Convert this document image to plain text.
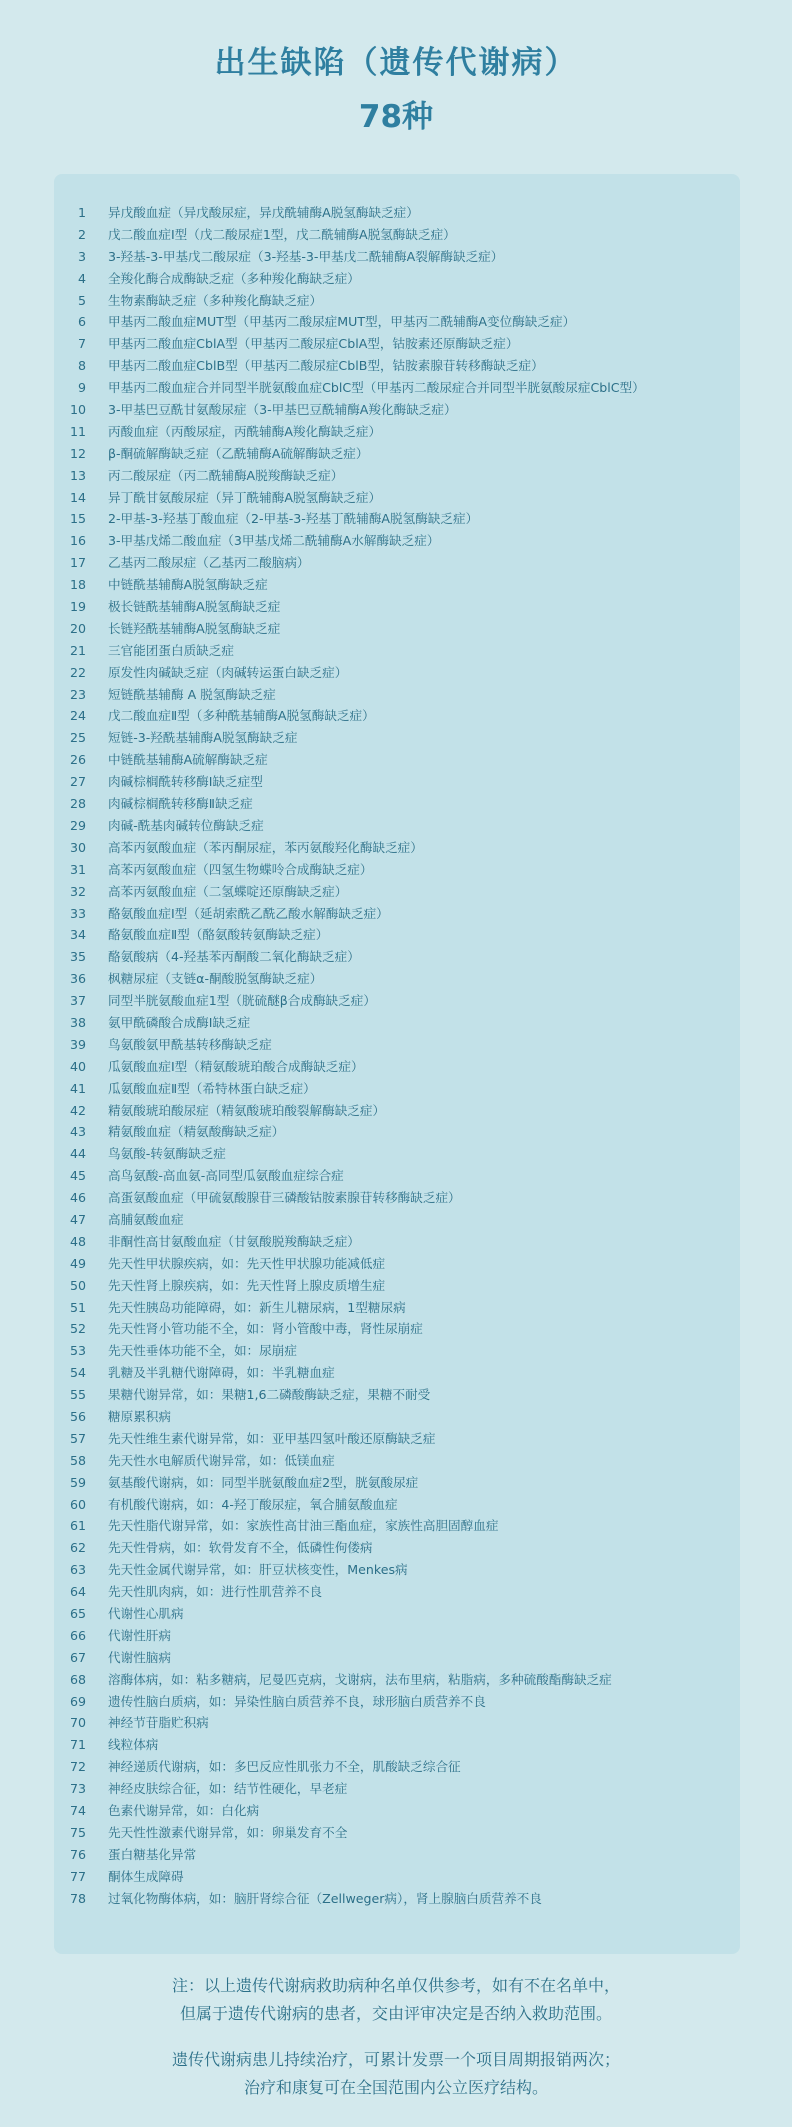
出生缺陷（遗传代谢病）
78种
1 异戊酸血症（异戊酸尿症，异戊酰辅酶A脱氢酶缺乏症）
2 戊二酸血症I型（戊二酸尿症1型，戊二酰辅酶A脱氢酶缺乏症）
3 3-羟基-3-甲基戊二酸尿症（3-羟基-3-甲基戊二酰辅酶A裂解酶缺乏症）
4 全羧化酶合成酶缺乏症（多种羧化酶缺乏症）
5 生物素酶缺乏症（多种羧化酶缺乏症）
6 甲基丙二酸血症MUT型（甲基丙二酸尿症MUT型，甲基丙二酰辅酶A变位酶缺乏症）
7 甲基丙二酸血症CblA型（甲基丙二酸尿症CblA型，钴胺素还原酶缺乏症）
8 甲基丙二酸血症CblB型（甲基丙二酸尿症CblB型，钴胺素腺苷转移酶缺乏症）
9 甲基丙二酸血症合并同型半胱氨酸血症CblC型（甲基丙二酸尿症合并同型半胱氨酸尿症CblC型）
10 3-甲基巴豆酰甘氨酸尿症（3-甲基巴豆酰辅酶A羧化酶缺乏症）
11 丙酸血症（丙酸尿症，丙酰辅酶A羧化酶缺乏症）
12 β-酮硫解酶缺乏症（乙酰辅酶A硫解酶缺乏症）
13 丙二酸尿症（丙二酰辅酶A脱羧酶缺乏症）
14 异丁酰甘氨酸尿症（异丁酰辅酶A脱氢酶缺乏症）
15 2-甲基-3-羟基丁酸血症（2-甲基-3-羟基丁酰辅酶A脱氢酶缺乏症）
16 3-甲基戊烯二酸血症（3甲基戊烯二酰辅酶A水解酶缺乏症）
17 乙基丙二酸尿症（乙基丙二酸脑病）
18 中链酰基辅酶A脱氢酶缺乏症
19 极长链酰基辅酶A脱氢酶缺乏症
20 长链羟酰基辅酶A脱氢酶缺乏症
21 三官能团蛋白质缺乏症
22 原发性肉碱缺乏症（肉碱转运蛋白缺乏症）
23 短链酰基辅酶 A 脱氢酶缺乏症
24 戊二酸血症Ⅱ型（多种酰基辅酶A脱氢酶缺乏症）
25 短链-3-羟酰基辅酶A脱氢酶缺乏症
26 中链酰基辅酶A硫解酶缺乏症
27 肉碱棕榈酰转移酶Ⅰ缺乏症型
28 肉碱棕榈酰转移酶Ⅱ缺乏症
29 肉碱-酰基肉碱转位酶缺乏症
30 高苯丙氨酸血症（苯丙酮尿症，苯丙氨酸羟化酶缺乏症）
31 高苯丙氨酸血症（四氢生物蝶呤合成酶缺乏症）
32 高苯丙氨酸血症（二氢蝶啶还原酶缺乏症）
33 酪氨酸血症Ⅰ型（延胡索酰乙酰乙酸水解酶缺乏症）
34 酪氨酸血症Ⅱ型（酪氨酸转氨酶缺乏症）
35 酪氨酸病（4-羟基苯丙酮酸二氧化酶缺乏症）
36 枫糖尿症（支链α-酮酸脱氢酶缺乏症）
37 同型半胱氨酸血症1型（胱硫醚β合成酶缺乏症）
38 氨甲酰磷酸合成酶Ⅰ缺乏症
39 鸟氨酸氨甲酰基转移酶缺乏症
40 瓜氨酸血症Ⅰ型（精氨酸琥珀酸合成酶缺乏症）
41 瓜氨酸血症Ⅱ型（希特林蛋白缺乏症）
42 精氨酸琥珀酸尿症（精氨酸琥珀酸裂解酶缺乏症）
43 精氨酸血症（精氨酸酶缺乏症）
44 鸟氨酸-转氨酶缺乏症
45 高鸟氨酸-高血氨-高同型瓜氨酸血症综合症
46 高蛋氨酸血症（甲硫氨酸腺苷三磷酸钴胺素腺苷转移酶缺乏症）
47 高脯氨酸血症
48 非酮性高甘氨酸血症（甘氨酸脱羧酶缺乏症）
49 先天性甲状腺疾病，如：先天性甲状腺功能减低症
50 先天性肾上腺疾病，如：先天性肾上腺皮质增生症
51 先天性胰岛功能障碍，如：新生儿糖尿病，1型糖尿病
52 先天性肾小管功能不全，如：肾小管酸中毒，肾性尿崩症
53 先天性垂体功能不全，如：尿崩症
54 乳糖及半乳糖代谢障碍，如：半乳糖血症
55 果糖代谢异常，如：果糖1,6二磷酸酶缺乏症，果糖不耐受
56 糖原累积病
57 先天性维生素代谢异常，如：亚甲基四氢叶酸还原酶缺乏症
58 先天性水电解质代谢异常，如：低镁血症
59 氨基酸代谢病，如：同型半胱氨酸血症2型，胱氨酸尿症
60 有机酸代谢病，如：4-羟丁酸尿症，氧合脯氨酸血症
61 先天性脂代谢异常，如：家族性高甘油三酯血症，家族性高胆固醇血症
62 先天性骨病，如：软骨发育不全，低磷性佝偻病
63 先天性金属代谢异常，如：肝豆状核变性，Menkes病
64 先天性肌肉病，如：进行性肌营养不良
65 代谢性心肌病
66 代谢性肝病
67 代谢性脑病
68 溶酶体病，如：粘多糖病，尼曼匹克病，戈谢病，法布里病，粘脂病，多种硫酸酯酶缺乏症
69 遗传性脑白质病，如：异染性脑白质营养不良，球形脑白质营养不良
70 神经节苷脂贮积病
71 线粒体病
72 神经递质代谢病，如：多巴反应性肌张力不全，肌酸缺乏综合征
73 神经皮肤综合征，如：结节性硬化，早老症
74 色素代谢异常，如：白化病
75 先天性性激素代谢异常，如：卵巢发育不全
76 蛋白糖基化异常
77 酮体生成障碍
78 过氧化物酶体病，如：脑肝肾综合征（Zellweger病），肾上腺脑白质营养不良
注：以上遗传代谢病救助病种名单仅供参考，如有不在名单中，
但属于遗传代谢病的患者，交由评审决定是否纳入救助范围。
遗传代谢病患儿持续治疗，可累计发票一个项目周期报销两次；
治疗和康复可在全国范围内公立医疗结构。
